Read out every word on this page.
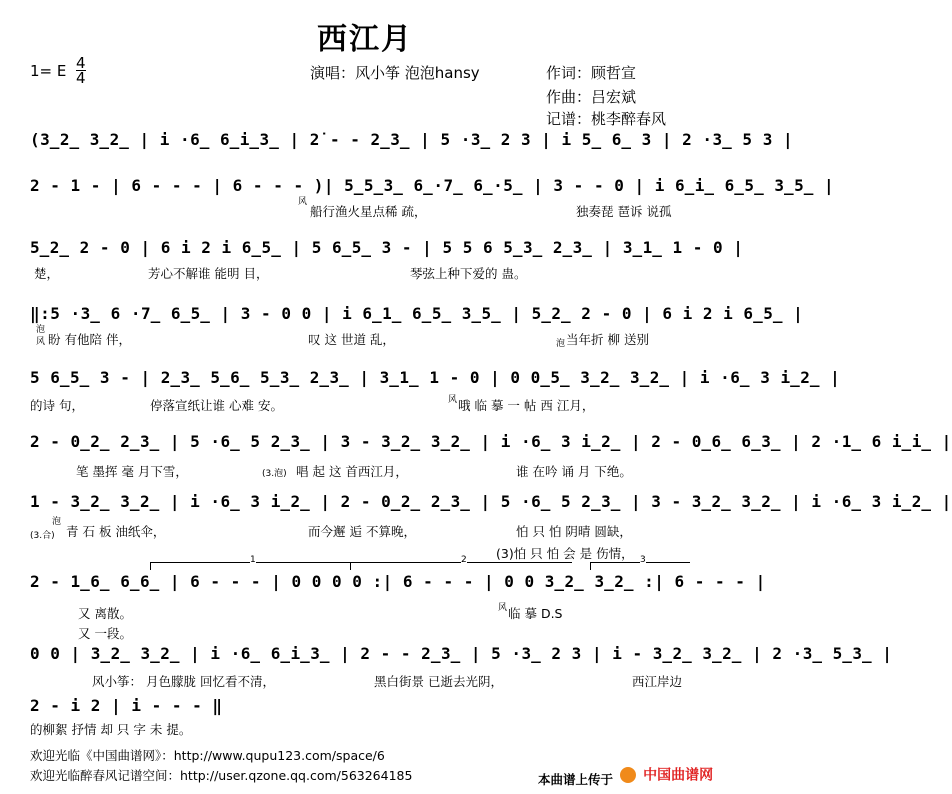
西江月
1= E 4
4	演唱：风小筝 泡泡hansy	作词：顾哲宣
作曲：吕宏斌
记谱：桃李醉春风
(3̲2̲ 3̲2̲ | i ·6̲ 6̲i̲3̲ | 2̇ - - 2̲3̲ | 5 ·3̲ 2 3 | i 5̲ 6̲ 3 | 2 ·3̲ 5 3 |
2 - 1 - | 6 - - - | 6 - - - )| 5̲5̲3̲ 6̲·7̲ 6̲·5̲ | 3 - - 0 | i 6̲i̲ 6̲5̲ 3̲5̲ |
风
船行渔火星点稀 疏，	独奏琵 琶诉 说孤
5̲2̲ 2 - 0 | 6 i 2 i 6̲5̲ | 5 6̲5̲ 3 - | 5 5 6 5̲3̲ 2̲3̲ | 3̲1̲ 1 - 0 |
楚，	芳心不解谁 能明 目，	琴弦上种下爱的 蛊。
‖:5 ·3̲ 6 ·7̲ 6̲5̲ | 3 - 0 0 | i 6̲1̲ 6̲5̲ 3̲5̲ | 5̲2̲ 2 - 0 | 6 i 2 i 6̲5̲ |
泡
风 盼 有他陪 伴，	叹 这 世道 乱，	泡 当年折 柳 送别
5 6̲5̲ 3 - | 2̲3̲ 5̲6̲ 5̲3̲ 2̲3̲ | 3̲1̲ 1 - 0 | 0 0̲5̲ 3̲2̲ 3̲2̲ | i ·6̲ 3 i̲2̲ |
的诗 句，	停落宣纸让谁 心难 安。	风 哦 临 摹 一 帖 西 江月，
2 - 0̲2̲ 2̲3̲ | 5 ·6̲ 5 2̲3̲ | 3 - 3̲2̲ 3̲2̲ | i ·6̲ 3 i̲2̲ | 2 - 0̲6̲ 6̲3̲ | 2 ·1̲ 6 i̲i̲ |
笔 墨挥 毫 月下雪，	(3.泡) 唱 起 这 首西江月，	谁 在吟 诵 月 下绝。
1 - 3̲2̲ 3̲2̲ | i ·6̲ 3 i̲2̲ | 2 - 0̲2̲ 2̲3̲ | 5 ·6̲ 5 2̲3̲ | 3 - 3̲2̲ 3̲2̲ | i ·6̲ 3 i̲2̲ |
泡
(3.合) 青 石 板 油纸伞，	而今邂 逅 不算晚，	怕 只 怕 阴晴 圆缺，
(3)怕 只 怕 会 是 伤情，
2 - 1̲6̲ 6̲6̲ | 6 - - - | 0 0 0 0 :| 6 - - - | 0 0 3̲2̲ 3̲2̲ :| 6 - - - |
1	2	3
又 离散。
又 一段。
风 临 摹 D.S
0 0 | 3̲2̲ 3̲2̲ | i ·6̲ 6̲i̲3̲ | 2 - - 2̲3̲ | 5 ·3̲ 2 3 | i - 3̲2̲ 3̲2̲ | 2 ·3̲ 5̲3̲ |
风小筝： 月色朦胧 回忆看不清，	黑白街景 已逝去光阴，	西江岸边
2 - i 2 | i - - - ‖
的柳絮 抒情 却 只 字 未 提。
欢迎光临《中国曲谱网》：http://www.qupu123.com/space/6
欢迎光临醉春风记谱空间：http://user.qzone.qq.com/563264185	本曲谱上传于	中国曲谱网
